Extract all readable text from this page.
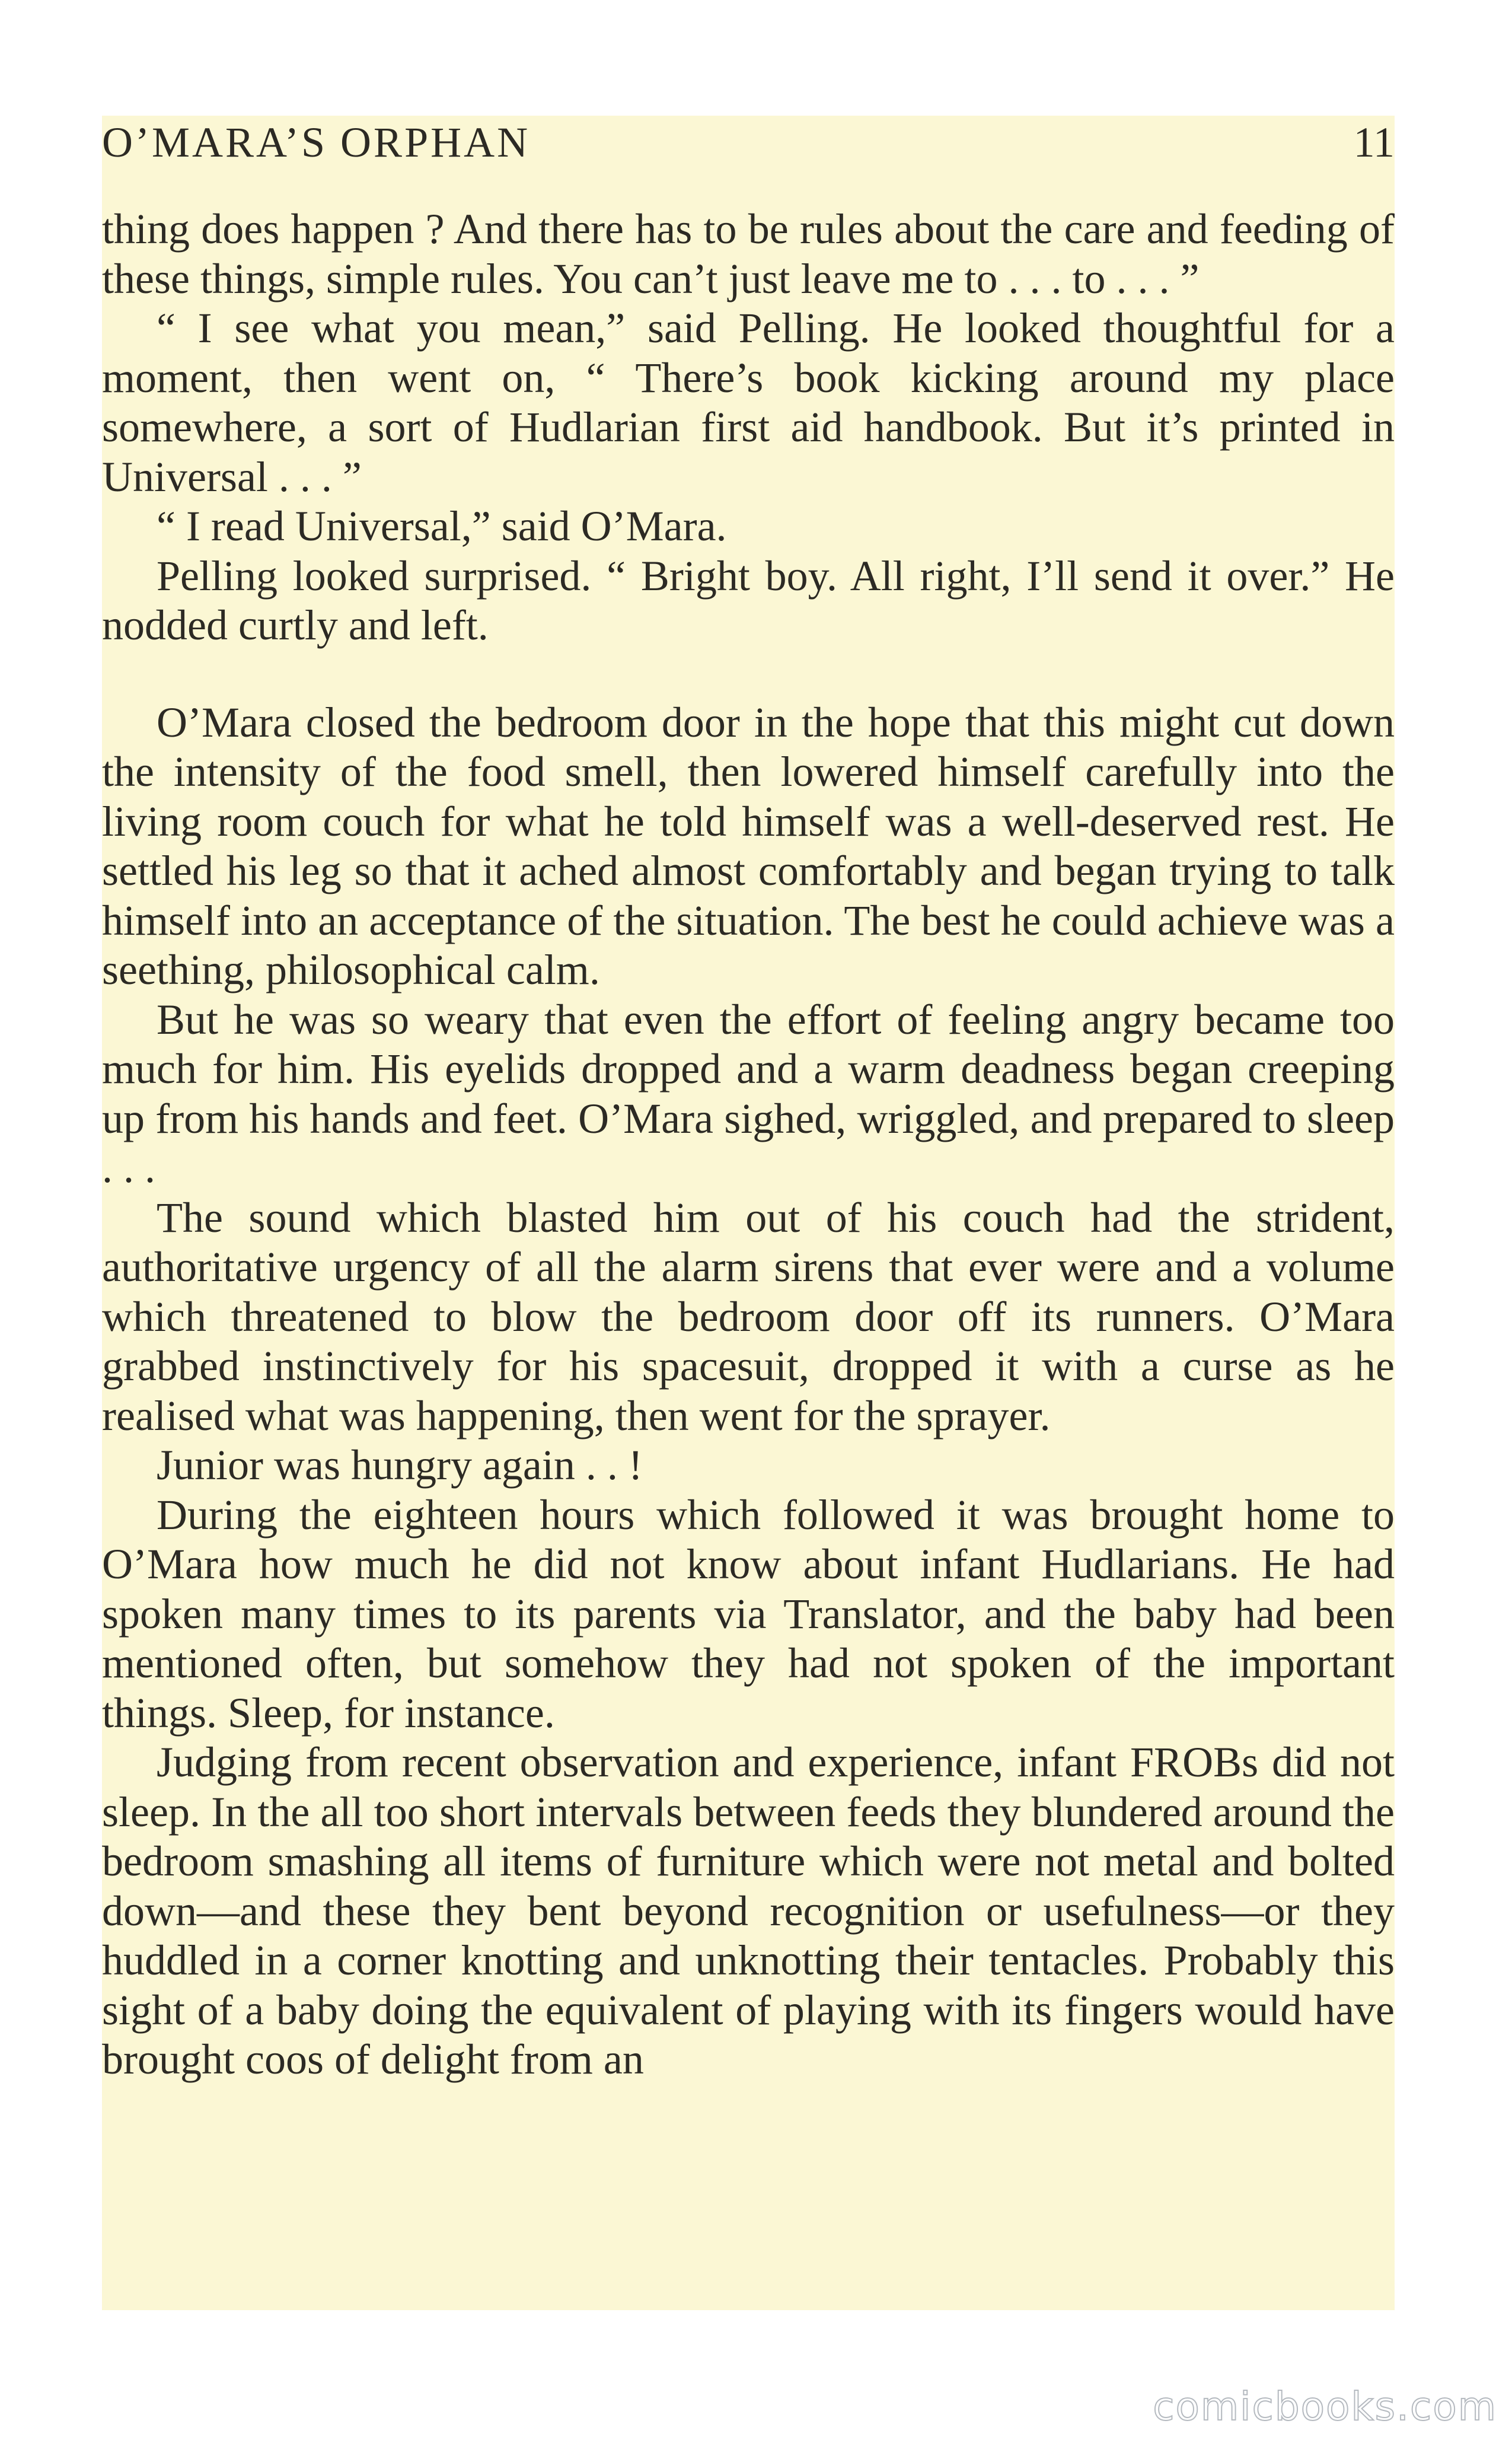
O’MARA’S ORPHAN	11

thing does happen ? And there has to be rules about the care and feeding of these things, simple rules. You can’t just leave me to . . . to . . . ”

“ I see what you mean,” said Pelling. He looked thoughtful for a moment, then went on, “ There’s book kicking around my place somewhere, a sort of Hudlarian first aid handbook. But it’s printed in Universal . . . ”

“ I read Universal,” said O’Mara.

Pelling looked surprised. “ Bright boy. All right, I’ll send it over.” He nodded curtly and left.

O’Mara closed the bedroom door in the hope that this might cut down the intensity of the food smell, then lowered himself carefully into the living room couch for what he told himself was a well-deserved rest. He settled his leg so that it ached almost comfortably and began trying to talk himself into an acceptance of the situation. The best he could achieve was a seething, philosophical calm.

But he was so weary that even the effort of feeling angry became too much for him. His eyelids dropped and a warm deadness began creeping up from his hands and feet. O’Mara sighed, wriggled, and prepared to sleep . . .

The sound which blasted him out of his couch had the strident, authoritative urgency of all the alarm sirens that ever were and a volume which threatened to blow the bedroom door off its runners. O’Mara grabbed instinctively for his spacesuit, dropped it with a curse as he realised what was happening, then went for the sprayer.

Junior was hungry again . . !

During the eighteen hours which followed it was brought home to O’Mara how much he did not know about infant Hudlarians. He had spoken many times to its parents via Translator, and the baby had been mentioned often, but somehow they had not spoken of the important things. Sleep, for instance.

Judging from recent observation and experience, infant FROBs did not sleep. In the all too short intervals between feeds they blundered around the bedroom smashing all items of furniture which were not metal and bolted down—and these they bent beyond recognition or usefulness—or they huddled in a corner knotting and unknotting their tentacles. Probably this sight of a baby doing the equivalent of playing with its fingers would have brought coos of delight from an

comicbooks.com
